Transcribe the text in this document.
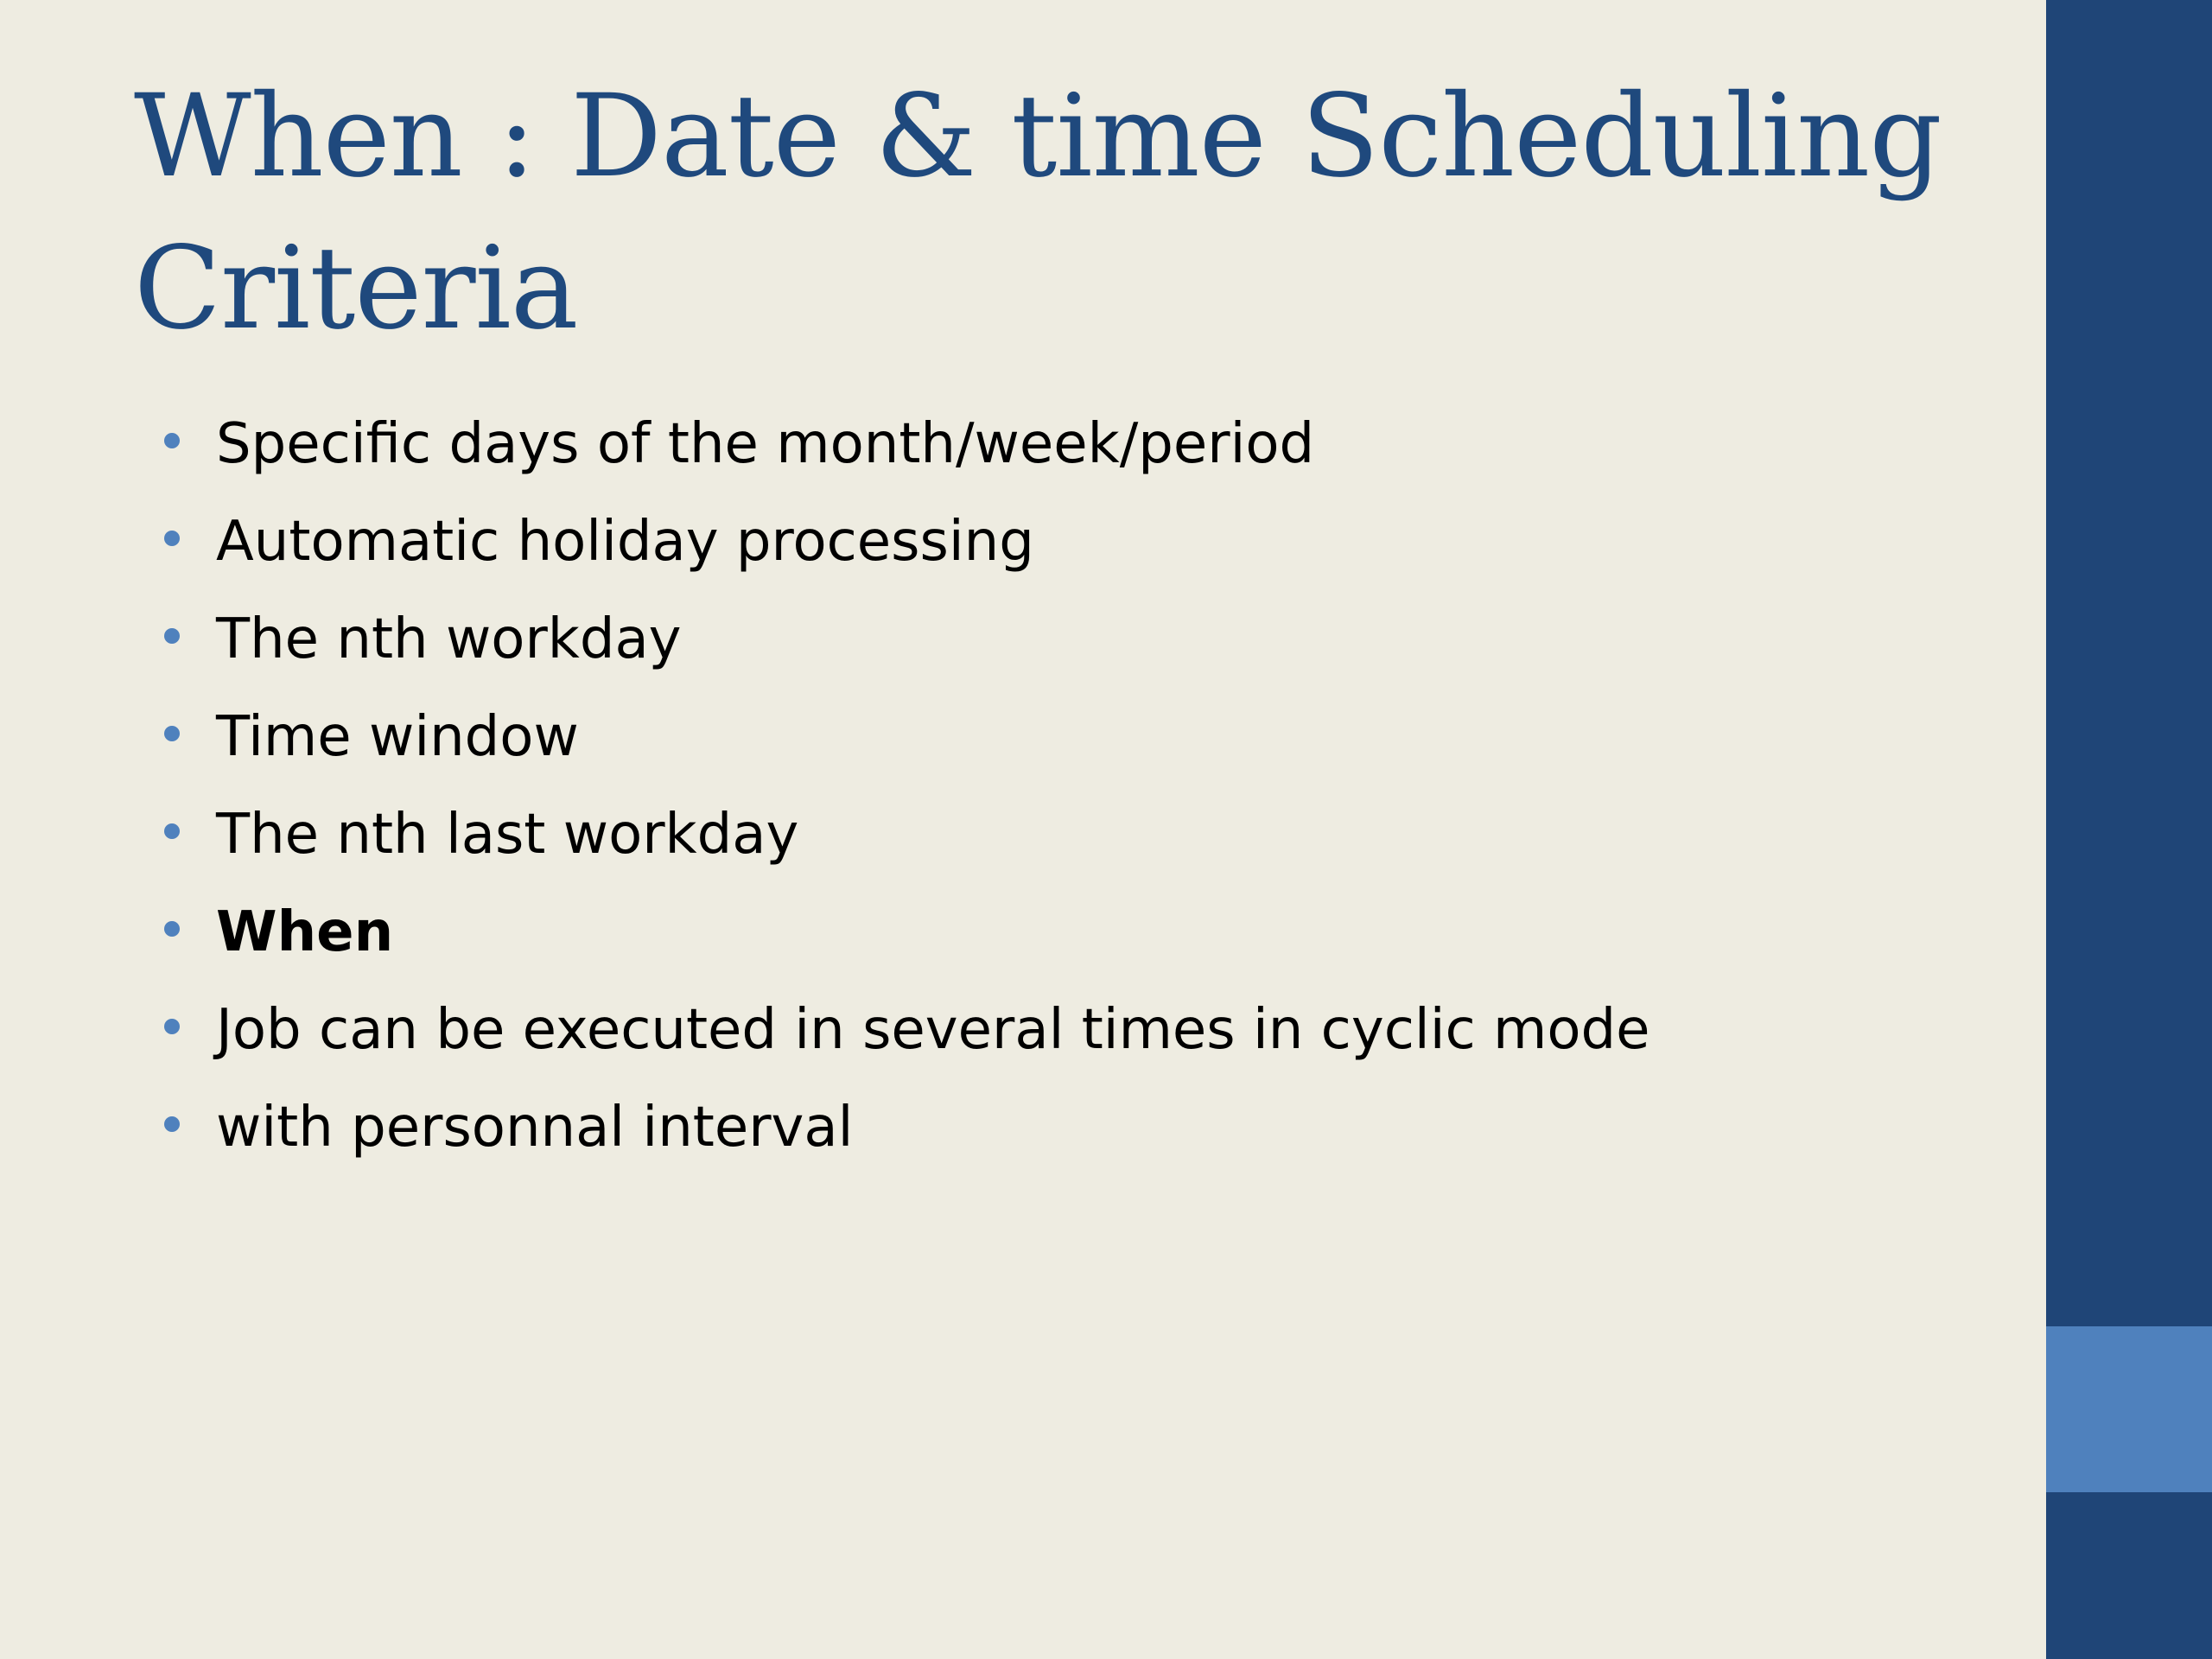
When : Date & time Scheduling Criteria
Specific days of the month/week/period
Automatic holiday processing
The nth workday
Time window
The nth last workday
When
Job can be executed in several times in cyclic mode
with personnal interval
